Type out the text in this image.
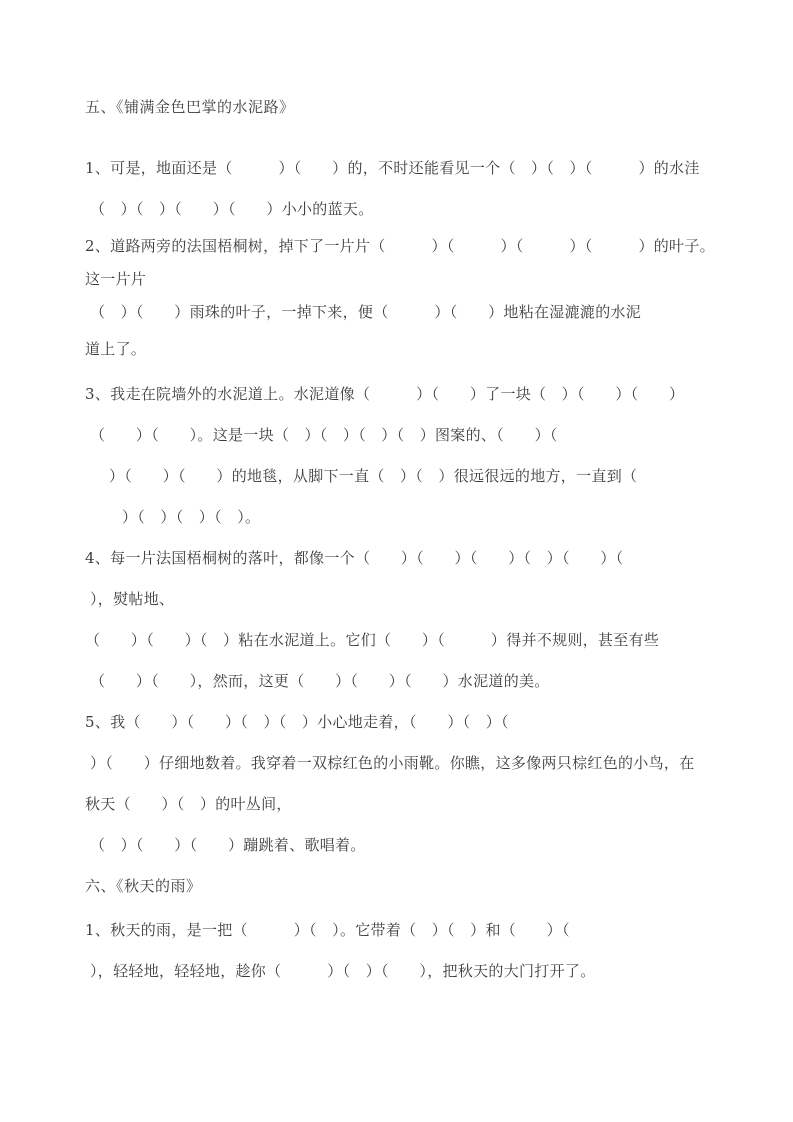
五、《铺满金色巴掌的水泥路》
1、可是，地面还是（　　　）（　　）的，不时还能看见一个（　）（　）（　　　）的水洼
（　）（　）（　　）（　　）小小的蓝天。
2、道路两旁的法国梧桐树，掉下了一片片（　　　）（　　　）（　　　）（　　　）的叶子。
这一片片
（　）（　　）雨珠的叶子，一掉下来，便（　　　）（　　）地粘在湿漉漉的水泥
道上了。
3、我走在院墙外的水泥道上。水泥道像（　　　）（　　）了一块（　）（　　）（　　）
（　　）（　　）。这是一块（　）（　）（　）（　）图案的、（　　）（
）（　　）（　　）的地毯，从脚下一直（　）（　）很远很远的地方，一直到（
）（　）（　）（　）。
4、每一片法国梧桐树的落叶，都像一个（　　）（　　）（　　）（　）（　　）（
），熨帖地、
（　　）（　　）（　）粘在水泥道上。它们（　　）（　　　）得并不规则，甚至有些
（　　）（　　），然而，这更（　　）（　　）（　　）水泥道的美。
5、我（　　）（　　）（　）（　）小心地走着，（　　）（　）（
）（　　）仔细地数着。我穿着一双棕红色的小雨靴。你瞧，这多像两只棕红色的小鸟，在
秋天（　　）（　）的叶丛间，
（　）（　　）（　　）蹦跳着、歌唱着。
六、《秋天的雨》
1、秋天的雨，是一把（　　　）（　）。它带着（　）（　）和（　　）（
），轻轻地，轻轻地，趁你（　　　）（　）（　　），把秋天的大门打开了。
